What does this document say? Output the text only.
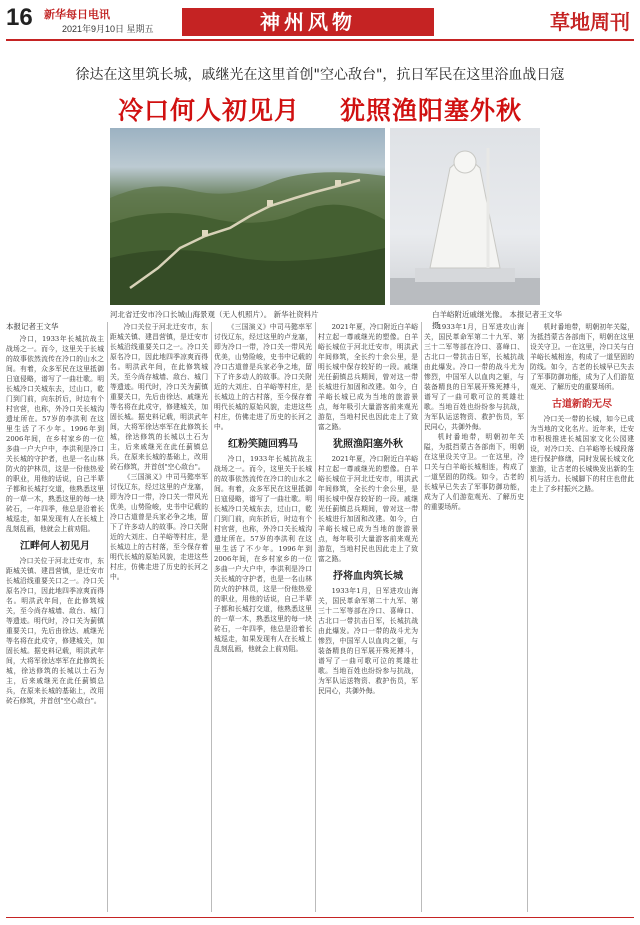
16	新华每日电讯
2021年9月10日 星期五	神州风物	草地周刊
徐达在这里筑长城，戚继光在这里首创"空心敌台"，抗日军民在这里浴血战日寇
冷口何人初见月 犹照渔阳塞外秋
河北省迁安市冷口长城山海景观（无人机照片）。 新华社资料片	白羊峪附近戚继光像。 本报记者王文华摄

本报记者王文华

冷口，1933年长城抗战主战场之一。而今，这里关于长城的故事依然流传在冷口的山水之间。有着，众多军民在这里抵御日寇侵略，谱写了一曲壮歌。明长城冷口关城东去，过山口，乾门到门前，向东折后，时边有个村官营，也称，外冷口关长城沟遗址所在。57岁的李洪利 在这里生活了不少年。1996年到2006年间，在乡村家乡的一位多曲一户大户中，李洪利是冷口关长城的守护者，也是一名山林防火的护林员，这是一份他热爱的职业，用他的话说，自己半辈子都和长城打交道，他熟悉这里的一草一木，熟悉这里的每一块砖石，一年四季，他总是沿着长城巡走，如果发现有人在长城上乱刻乱画，他就会上前劝阻。

江畔何人初见月

冷口关位于河北迁安市，东距城关镇、建昌营镇，是迁安市长城沿线重要关口之一。冷口关原名冷口，因此地四季凉爽而得名。明洪武年间，在此修筑城关，至今尚存城墙、敌台、城门等遗迹。明代时，冷口关为蓟镇重要关口，先后由徐达、戚继光等名将在此戍守，修建城关，加固长城。据史料记载，明洪武年间，大将军徐达率军在此修筑长城，徐达修筑的长城以土石为主，后来戚继光在此任蓟镇总兵，在原来长城的基础上，改用砖石修筑，并首创"空心敌台"。

冷口关位于河北迁安市，东距城关镇、建昌营镇，是迁安市长城沿线重要关口之一。冷口关原名冷口，因此地四季凉爽而得名。明洪武年间，在此修筑城关，至今尚存城墙、敌台、城门等遗迹。明代时，冷口关为蓟镇重要关口，先后由徐达、戚继光等名将在此戍守，修建城关，加固长城。据史料记载，明洪武年间，大将军徐达率军在此修筑长城，徐达修筑的长城以土石为主，后来戚继光在此任蓟镇总兵，在原来长城的基础上，改用砖石修筑，并首创"空心敌台"。

《三国演义》中司马懿率军讨伐辽东，经过这里的卢龙塞，即为冷口一带，冷口关一带风光优美，山势险峻，史书中记载的冷口古道曾是兵家必争之地，留下了许多动人的故事。冷口关附近的大刘庄、白羊峪等村庄，是长城边上的古村落，至今保存着明代长城的原始风貌，走进这些村庄，仿佛走进了历史的长河之中。

《三国演义》中司马懿率军讨伐辽东，经过这里的卢龙塞，即为冷口一带，冷口关一带风光优美，山势险峻，史书中记载的冷口古道曾是兵家必争之地，留下了许多动人的故事。冷口关附近的大刘庄、白羊峪等村庄，是长城边上的古村落，至今保存着明代长城的原始风貌，走进这些村庄，仿佛走进了历史的长河之中。

红粉笑随回鸦马

冷口，1933年长城抗战主战场之一。而今，这里关于长城的故事依然流传在冷口的山水之间。有着，众多军民在这里抵御日寇侵略，谱写了一曲壮歌。明长城冷口关城东去，过山口，乾门到门前，向东折后，时边有个村官营，也称，外冷口关长城沟遗址所在。57岁的李洪利 在这里生活了不少年。1996年到2006年间，在乡村家乡的一位多曲一户大户中，李洪利是冷口关长城的守护者，也是一名山林防火的护林员，这是一份他热爱的职业，用他的话说，自己半辈子都和长城打交道，他熟悉这里的一草一木，熟悉这里的每一块砖石，一年四季，他总是沿着长城巡走，如果发现有人在长城上乱刻乱画，他就会上前劝阻。

2021年夏，冷口附近白羊峪村立起一尊戚继光的塑像。白羊峪长城位于河北迁安市，明洪武年间修筑，全长约十余公里，是明长城中保存较好的一段。戚继光任蓟镇总兵期间，曾对这一带长城进行加固和改建。如今，白羊峪长城已成为当地的旅游景点，每年吸引大量游客前来观光游览，当地村民也因此走上了致富之路。

犹照渔阳塞外秋

2021年夏，冷口附近白羊峪村立起一尊戚继光的塑像。白羊峪长城位于河北迁安市，明洪武年间修筑，全长约十余公里，是明长城中保存较好的一段。戚继光任蓟镇总兵期间，曾对这一带长城进行加固和改建。如今，白羊峪长城已成为当地的旅游景点，每年吸引大量游客前来观光游览，当地村民也因此走上了致富之路。

抒将血肉筑长城

1933年1月，日军进攻山海关，国民革命军第二十九军、第三十二军等部在冷口、喜峰口、古北口一带抗击日军，长城抗战由此爆发。冷口一带的战斗尤为惨烈，中国军人以血肉之躯，与装备精良的日军展开殊死搏斗，谱写了一曲可歌可泣的英雄壮歌。当地百姓也纷纷参与抗战，为军队运送物资、救护伤员，军民同心，共御外侮。

1933年1月，日军进攻山海关，国民革命军第二十九军、第三十二军等部在冷口、喜峰口、古北口一带抗击日军，长城抗战由此爆发。冷口一带的战斗尤为惨烈，中国军人以血肉之躯，与装备精良的日军展开殊死搏斗，谱写了一曲可歌可泣的英雄壮歌。当地百姓也纷纷参与抗战，为军队运送物资、救护伤员，军民同心，共御外侮。

机时番地带，明朝初年关隘，为抵挡蒙古各部南下，明朝在这里设关守卫。一在这里，冷口关与白羊峪长城相连，构成了一道坚固的防线。如今，古老的长城早已失去了军事防御功能，成为了人们游览观光、了解历史的重要场所。

机时番地带，明朝初年关隘，为抵挡蒙古各部南下，明朝在这里设关守卫。一在这里，冷口关与白羊峪长城相连，构成了一道坚固的防线。如今，古老的长城早已失去了军事防御功能，成为了人们游览观光、了解历史的重要场所。

古道新韵无尽

冷口关一带的长城，如今已成为当地的文化名片。近年来，迁安市积极推进长城国家文化公园建设，对冷口关、白羊峪等长城段落进行保护修缮，同时发展长城文化旅游，让古老的长城焕发出新的生机与活力。长城脚下的村庄也借此走上了乡村振兴之路。
